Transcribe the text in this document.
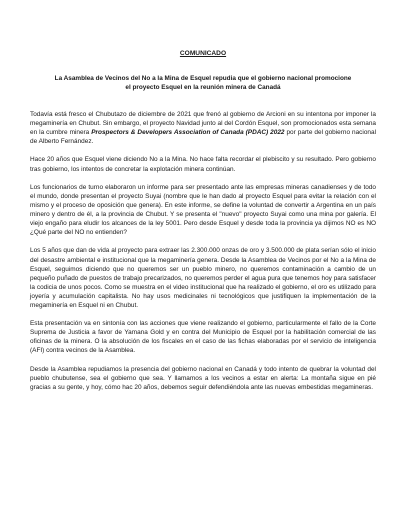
COMUNICADO
La Asamblea de Vecinos del No a la Mina de Esquel repudia que el gobierno nacional promocione
el proyecto Esquel en la reunión minera de Canadá
Todavía está fresco el Chubutazo de diciembre de 2021 que frenó al gobierno de Arcioni en su intentona por imponer la megaminería en Chubut. Sin embargo, el proyecto Navidad junto al del Cordón Esquel, son promocionados esta semana en la cumbre minera Prospectors & Developers Association of Canada (PDAC) 2022 por parte del gobierno nacional de Alberto Fernández.
Hace 20 años que Esquel viene diciendo No a la Mina. No hace falta recordar el plebiscito y su resultado. Pero gobierno tras gobierno, los intentos de concretar la explotación minera continúan.
Los funcionarios de turno elaboraron un informe para ser presentado ante las empresas mineras canadienses y de todo el mundo, donde presentan el proyecto Suyai (nombre que le han dado al proyecto Esquel para evitar la relación con el mismo y el proceso de oposición que genera). En este informe, se define la voluntad de convertir a Argentina en un país minero y dentro de él, a la provincia de Chubut. Y se presenta el "nuevo" proyecto Suyai como una mina por galería. El viejo engaño para eludir los alcances de la ley 5001. Pero desde Esquel y desde toda la provincia ya dijimos NO es NO ¿Qué parte del NO no entienden?
Los 5 años que dan de vida al proyecto para extraer las 2.300.000 onzas de oro y 3.500.000 de plata serían sólo el inicio del desastre ambiental e institucional que la megaminería genera. Desde la Asamblea de Vecinos por el No a la Mina de Esquel, seguimos diciendo que no queremos ser un pueblo minero, no queremos contaminación a cambio de un pequeño puñado de puestos de trabajo precarizados, no queremos perder el agua pura que tenemos hoy para satisfacer la codicia de unos pocos. Como se muestra en el video institucional que ha realizado el gobierno, el oro es utilizado para joyería y acumulación capitalista. No hay usos medicinales ni tecnológicos que justifiquen la implementación de la megaminería en Esquel ni en Chubut.
Esta presentación va en sintonía con las acciones que viene realizando el gobierno, particularmente el fallo de la Corte Suprema de Justicia a favor de Yamana Gold y en contra del Municipio de Esquel por la habilitación comercial de las oficinas de la minera. O la absolución de los fiscales en el caso de las fichas elaboradas por el servicio de inteligencia (AFI) contra vecinos de la Asamblea.
Desde la Asamblea repudiamos la presencia del gobierno nacional en Canadá y todo intento de quebrar la voluntad del pueblo chubutense, sea el gobierno que sea. Y llamamos a los vecinos a estar en alerta: La montaña sigue en pié gracias a su gente, y hoy, cómo hac 20 años, debemos seguir defendiéndola ante las nuevas embestidas megamineras.
